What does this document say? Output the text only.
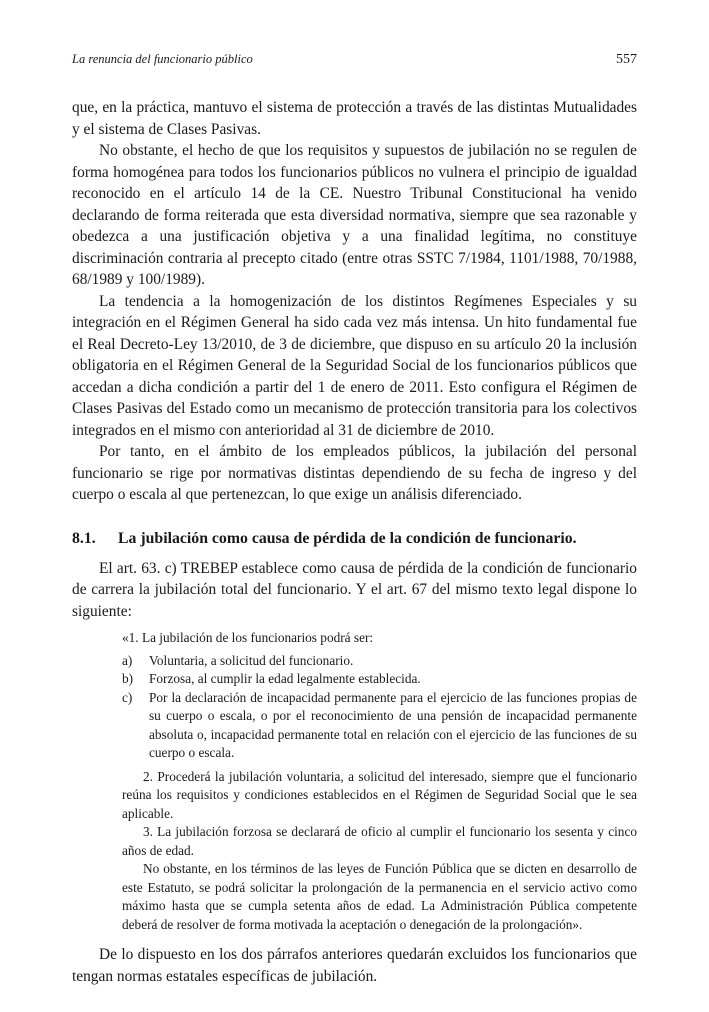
La renuncia del funcionario público	557

que, en la práctica, mantuvo el sistema de protección a través de las distintas Mutualidades y el sistema de Clases Pasivas.

No obstante, el hecho de que los requisitos y supuestos de jubilación no se regulen de forma homogénea para todos los funcionarios públicos no vulnera el principio de igualdad reconocido en el artículo 14 de la CE. Nuestro Tribunal Constitucional ha venido declarando de forma reiterada que esta diversidad normativa, siempre que sea razonable y obedezca a una justificación objetiva y a una finalidad legítima, no constituye discriminación contraria al precepto citado (entre otras SSTC 7/1984, 1101/1988, 70/1988, 68/1989 y 100/1989).

La tendencia a la homogenización de los distintos Regímenes Especiales y su integración en el Régimen General ha sido cada vez más intensa. Un hito fundamental fue el Real Decreto-Ley 13/2010, de 3 de diciembre, que dispuso en su artículo 20 la inclusión obligatoria en el Régimen General de la Seguridad Social de los funcionarios públicos que accedan a dicha condición a partir del 1 de enero de 2011. Esto configura el Régimen de Clases Pasivas del Estado como un mecanismo de protección transitoria para los colectivos integrados en el mismo con anterioridad al 31 de diciembre de 2010.

Por tanto, en el ámbito de los empleados públicos, la jubilación del personal funcionario se rige por normativas distintas dependiendo de su fecha de ingreso y del cuerpo o escala al que pertenezcan, lo que exige un análisis diferenciado.

8.1. La jubilación como causa de pérdida de la condición de funcionario.

El art. 63. c) TREBEP establece como causa de pérdida de la condición de funcionario de carrera la jubilación total del funcionario. Y el art. 67 del mismo texto legal dispone lo siguiente:

«1. La jubilación de los funcionarios podrá ser:

a)	Voluntaria, a solicitud del funcionario.
b)	Forzosa, al cumplir la edad legalmente establecida.
c)	Por la declaración de incapacidad permanente para el ejercicio de las funciones propias de su cuerpo o escala, o por el reconocimiento de una pensión de incapacidad permanente absoluta o, incapacidad permanente total en relación con el ejercicio de las funciones de su cuerpo o escala.

2. Procederá la jubilación voluntaria, a solicitud del interesado, siempre que el funcionario reúna los requisitos y condiciones establecidos en el Régimen de Seguridad Social que le sea aplicable.

3. La jubilación forzosa se declarará de oficio al cumplir el funcionario los sesenta y cinco años de edad.

No obstante, en los términos de las leyes de Función Pública que se dicten en desarrollo de este Estatuto, se podrá solicitar la prolongación de la permanencia en el servicio activo como máximo hasta que se cumpla setenta años de edad. La Administración Pública competente deberá de resolver de forma motivada la aceptación o denegación de la prolongación».

De lo dispuesto en los dos párrafos anteriores quedarán excluidos los funcionarios que tengan normas estatales específicas de jubilación.
